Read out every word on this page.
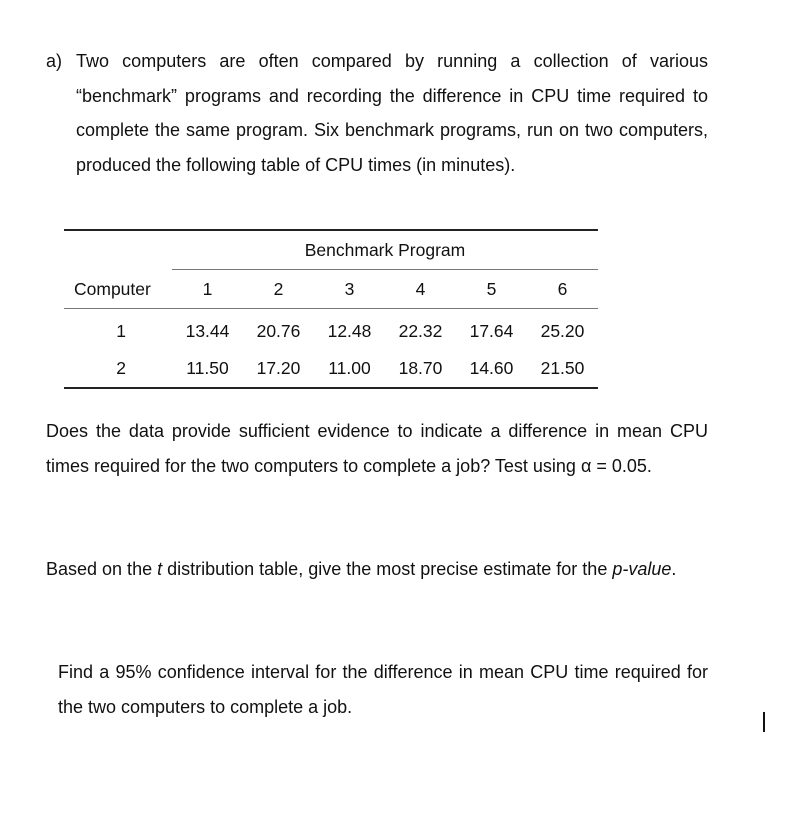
a) Two computers are often compared by running a collection of various “benchmark” programs and recording the difference in CPU time required to complete the same program. Six benchmark programs, run on two computers, produced the following table of CPU times (in minutes).
Benchmark Program
Computer	1	2	3	4	5	6
1	13.44	20.76	12.48	22.32	17.64	25.20
2	11.50	17.20	11.00	18.70	14.60	21.50
Does the data provide sufficient evidence to indicate a difference in mean CPU times required for the two computers to complete a job? Test using α = 0.05.
Based on the t distribution table, give the most precise estimate for the p-value.
Find a 95% confidence interval for the difference in mean CPU time required for the two computers to complete a job.
